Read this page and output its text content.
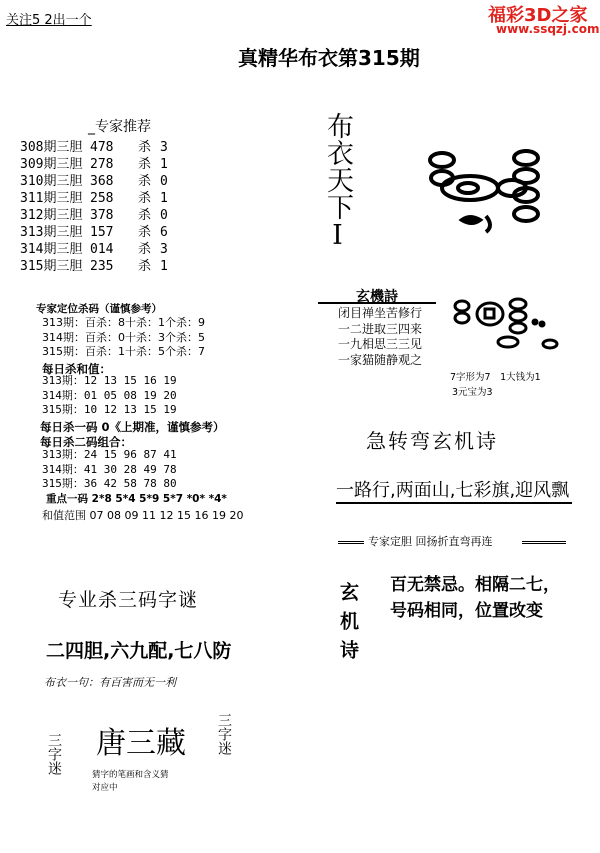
关注5 2出一个	福彩3D之家
www.ssqzj.com
真精华布衣第315期
_专家推荐
308期三胆 478 杀 3
309期三胆 278 杀 1
310期三胆 368 杀 0
311期三胆 258 杀 1
312期三胆 378 杀 0
313期三胆 157 杀 6
314期三胆 014 杀 3
315期三胆 235 杀 1
专家定位杀码（谨慎参考）
313期：百杀：8十杀：1个杀：9
314期：百杀：0十杀：3个杀：5
315期：百杀：1十杀：5个杀：7
每日杀和值：
313期：12 13 15 16 19
314期：01 05 08 19 20
315期：10 12 13 15 19
每日杀一码 0《上期准，谨慎参考）
每日杀二码组合：
313期：24 15 96 87 41
314期：41 30 28 49 78
315期：36 42 58 78 80
重点一码 2*8 5*4 5*9 5*7 *0* *4*
和值范围 07 08 09 11 12 15 16 19 20
专业杀三码字谜
二四胆,六九配,七八防
布衣一句：有百害而无一利
三字迷 唐三藏 三字迷
猜字的笔画和含义猜
对应中
布衣天下I
玄機詩
闭目禅坐苦修行
一二进取三四来
一九相思三三见
一家猫随静观之
7字形为7　1大钱为1
3元宝为3
急转弯玄机诗
一路行,两面山,七彩旗,迎风飘
专家定胆 回扬折直弯再连
玄机诗 百无禁忌。相隔二七，
号码相同，位置改变
